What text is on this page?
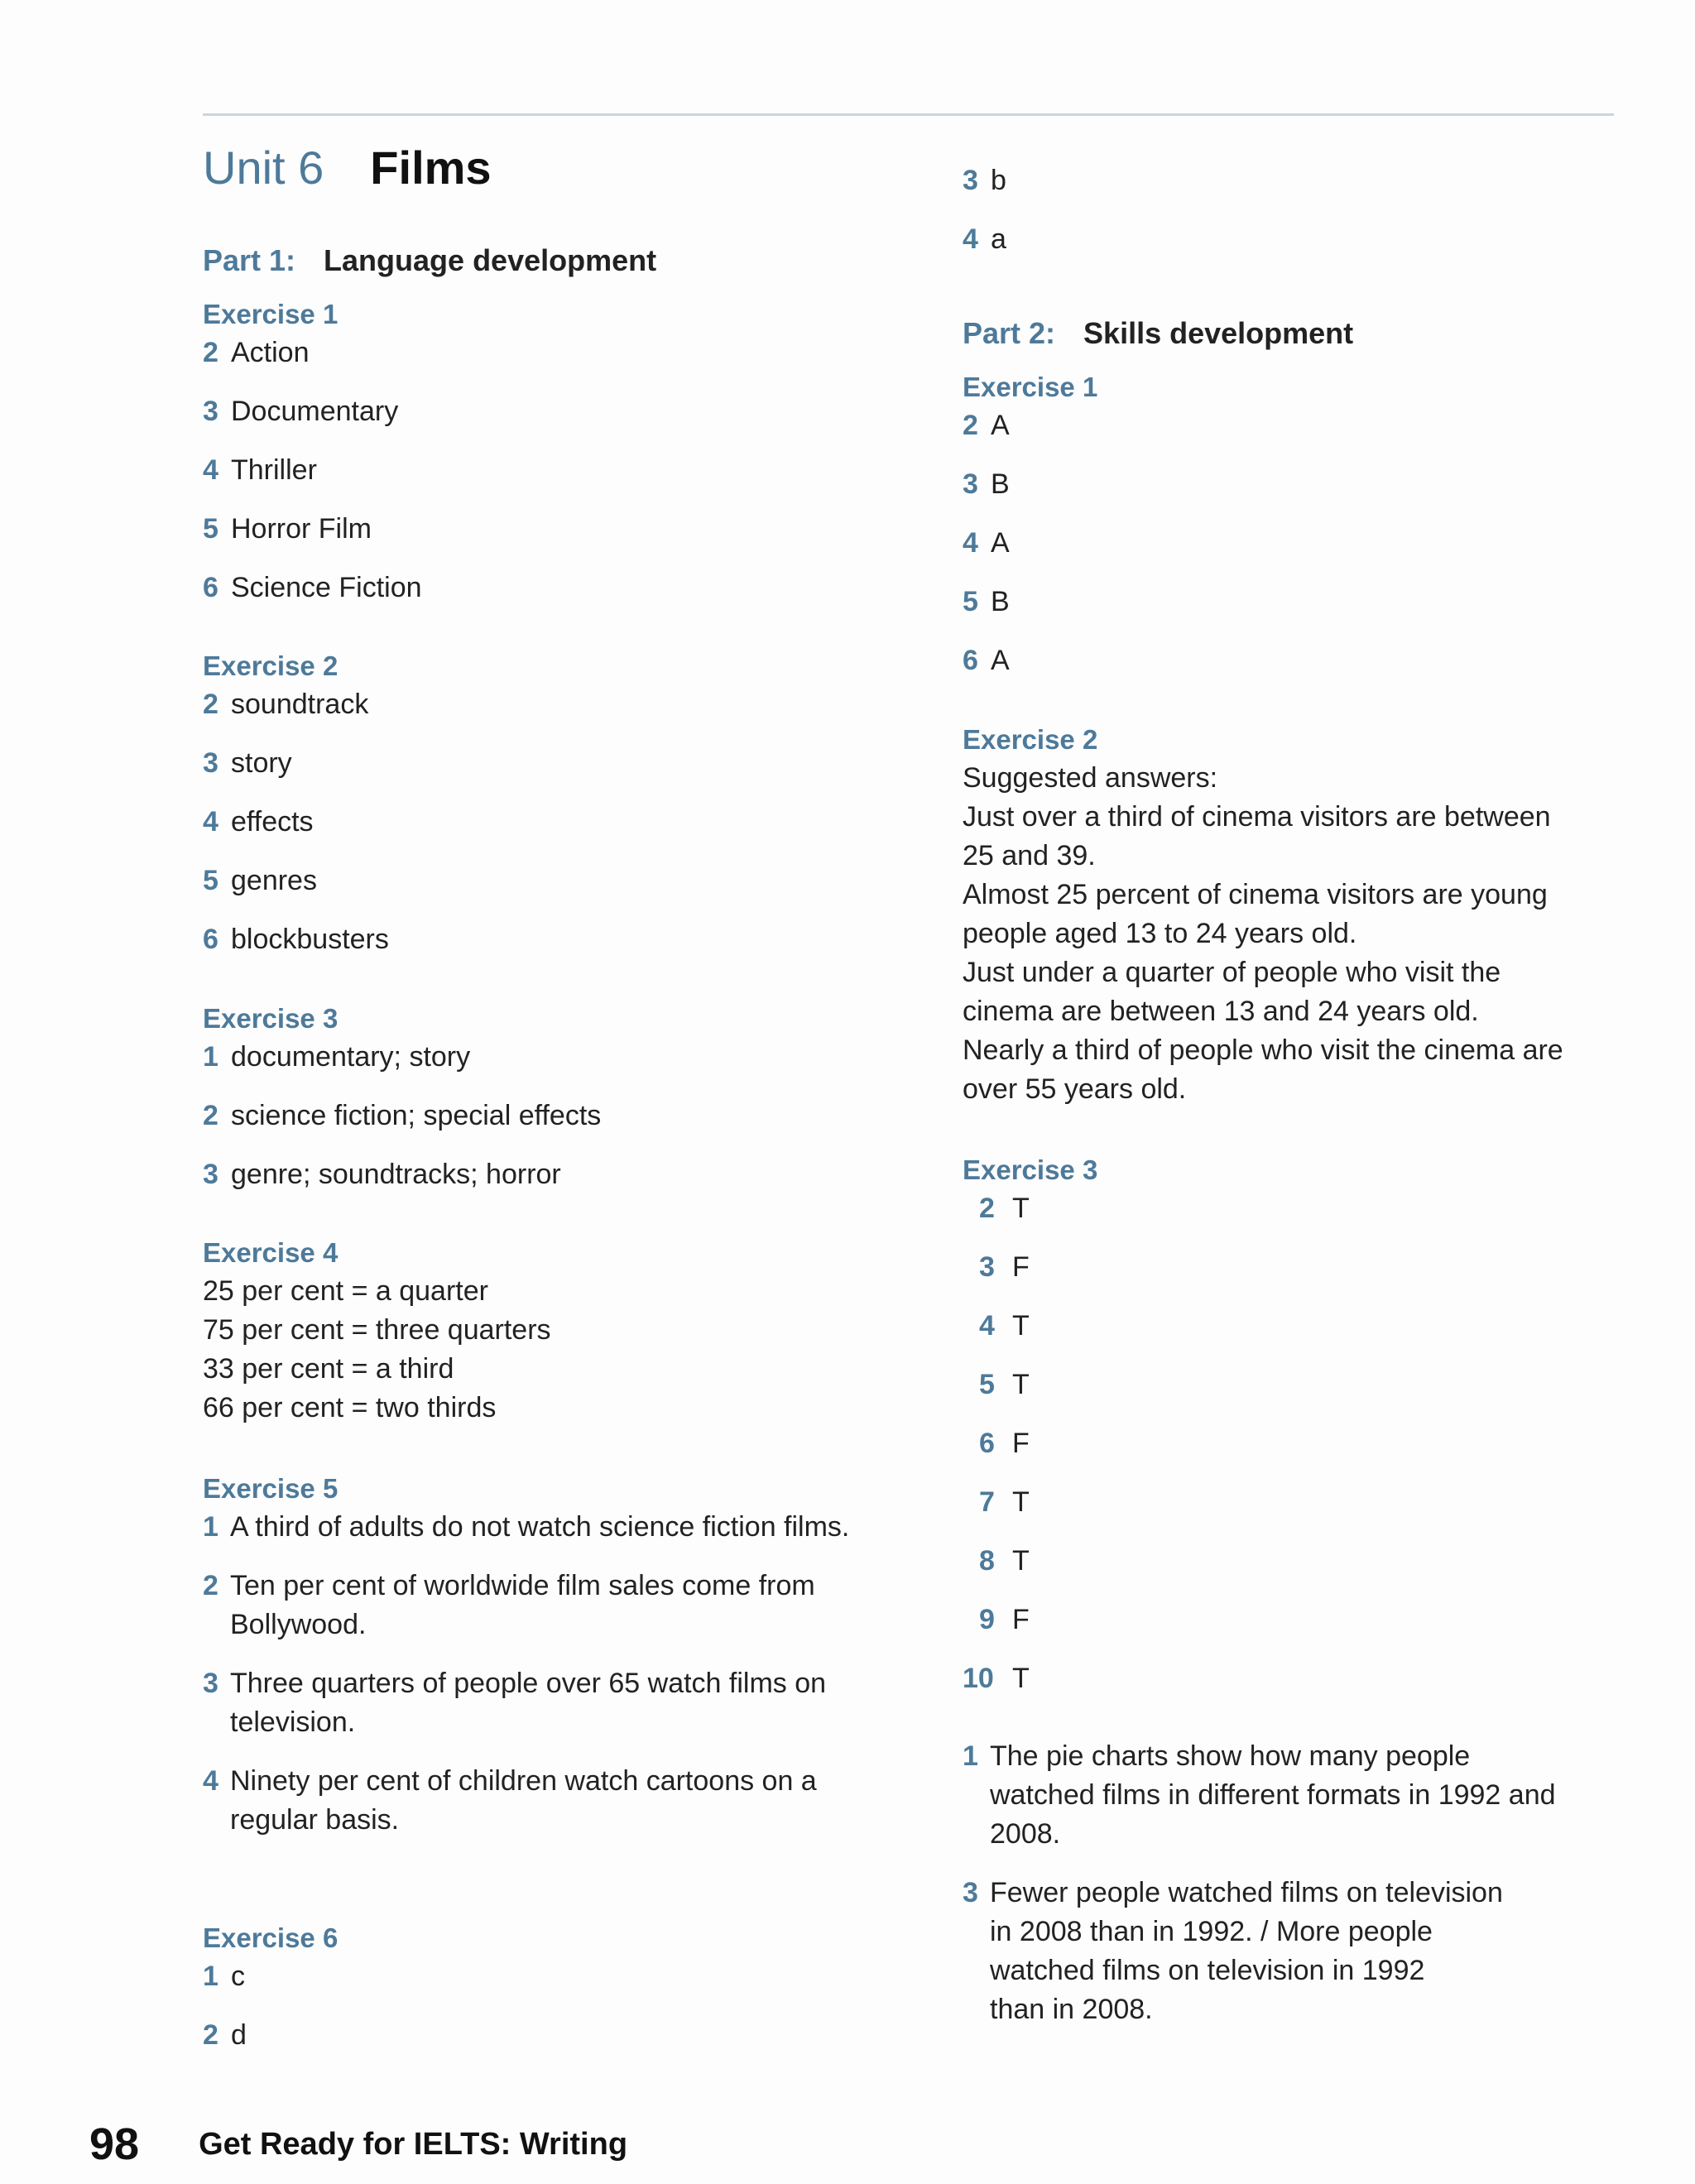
Unit 6 Films
Part 1: Language development

Exercise 1

2 Action
3 Documentary
4 Thriller
5 Horror Film
6 Science Fiction

Exercise 2

2 soundtrack
3 story
4 effects
5 genres
6 blockbusters

Exercise 3

1 documentary; story
2 science fiction; special effects
3 genre; soundtracks; horror

Exercise 4

25 per cent = a quarter

75 per cent = three quarters

33 per cent = a third

66 per cent = two thirds

Exercise 5

1 A third of adults do not watch science fiction films.
2 Ten per cent of worldwide film sales come from Bollywood.
3 Three quarters of people over 65 watch films on television.
4 Ninety per cent of children watch cartoons on a regular basis.

Exercise 6

1 c
2 d
3 b
4 a
Part 2: Skills development

Exercise 1

2 A
3 B
4 A
5 B
6 A

Exercise 2

Suggested answers:

Just over a third of cinema visitors are between

25 and 39.

Almost 25 percent of cinema visitors are young

people aged 13 to 24 years old.

Just under a quarter of people who visit the

cinema are between 13 and 24 years old.

Nearly a third of people who visit the cinema are

over 55 years old.

Exercise 3

2 T
3 F
4 T
5 T
6 F
7 T
8 T
9 F
10 T
1 The pie charts show how many people

watched films in different formats in 1992 and

2008.

3 Fewer people watched films on television

in 2008 than in 1992. / More people

watched films on television in 1992

than in 2008.

98 Get Ready for IELTS: Writing
